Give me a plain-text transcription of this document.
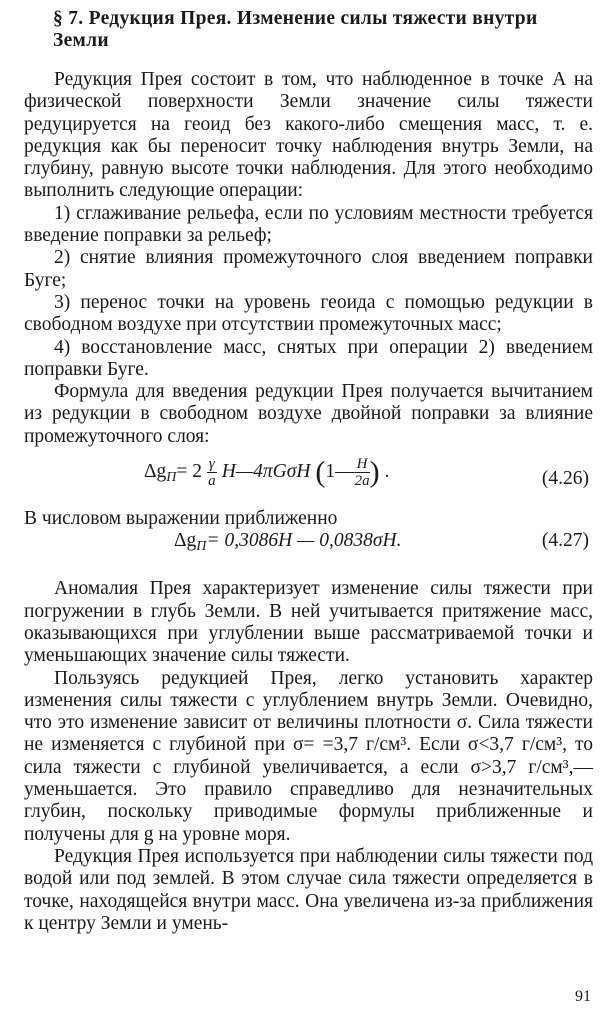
§ 7. Редукция Прея. Изменение силы тяжести внутри Земли

Редукция Прея состоит в том, что наблюденное в точке A на физической поверхности Земли значение силы тяжести редуцируется на геоид без какого-либо смещения масс, т. е. редукция как бы переносит точку наблюдения внутрь Земли, на глубину, равную высоте точки наблюдения. Для этого необходимо выполнить следующие операции:

1) сглаживание рельефа, если по условиям местности требуется введение поправки за рельеф;

2) снятие влияния промежуточного слоя введением поправки Буге;

3) перенос точки на уровень геоида с помощью редукции в свободном воздухе при отсутствии промежуточных масс;

4) восстановление масс, снятых при операции 2) введением поправки Буге.

Формула для введения редукции Прея получается вычитанием из редукции в свободном воздухе двойной поправки за влияние промежуточного слоя:

$\Delta g_П= 2 \frac{\gamma}{a}$ H—4πGσH (1— $\frac{H}{2a}$ ) .	(4.26)

В числовом выражении приближенно

$\Delta g_П= 0,3086H$ — 0,0838σH.	(4.27)

Аномалия Прея характеризует изменение силы тяжести при погружении в глубь Земли. В ней учитывается притяжение масс, оказывающихся при углублении выше рассматриваемой точки и уменьшающих значение силы тяжести.

Пользуясь редукцией Прея, легко установить характер изменения силы тяжести с углублением внутрь Земли. Очевидно, что это изменение зависит от величины плотности σ. Сила тяжести не изменяется с глубиной при σ= =3,7 г/см³. Если σ<3,7 г/см³, то сила тяжести с глубиной увеличивается, а если σ>3,7 г/см³,— уменьшается. Это правило справедливо для незначительных глубин, поскольку приводимые формулы приближенные и получены для g на уровне моря.

Редукция Прея используется при наблюдении силы тяжести под водой или под землей. В этом случае сила тяжести определяется в точке, находящейся внутри масс. Она увеличена из-за приближения к центру Земли и умень-

91
